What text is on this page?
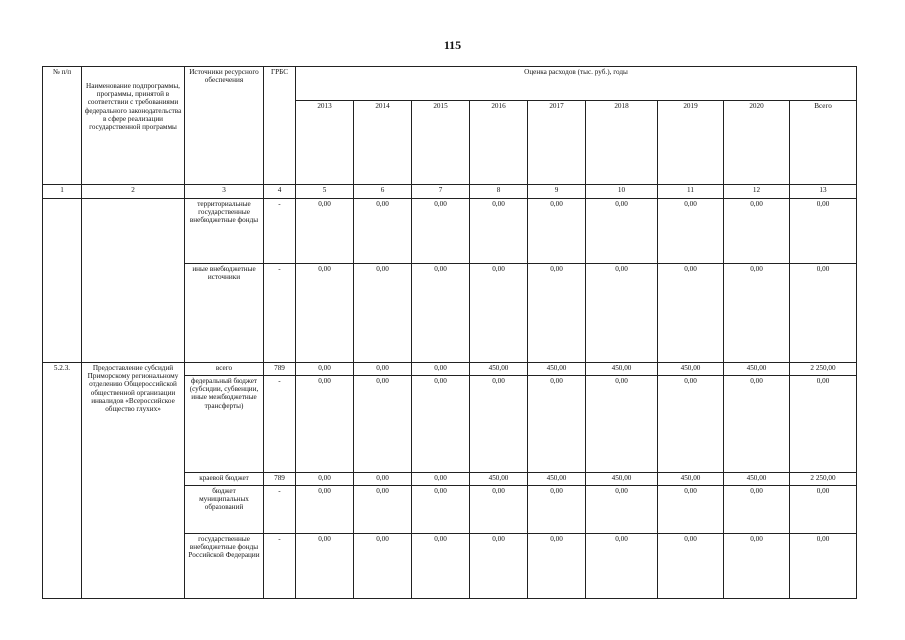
115
№ п/п	Наименование подпрограммы, программы, принятой в соответствии с требованиями федерального законодательства в сфере реализации государственной программы	Источники ресурсного обеспечения	ГРБС	Оценка расходов (тыс. руб.), годы								
				2013	2014	2015	2016	2017	2018	2019	2020	Всего
1	2	3	4	5	6	7	8	9	10	11	12	13
		территориальные государственные внебюджетные фонды	-	0,00	0,00	0,00	0,00	0,00	0,00	0,00	0,00	0,00
		иные внебюджетные источники	-	0,00	0,00	0,00	0,00	0,00	0,00	0,00	0,00	0,00
5.2.3.	Предоставление субсидий Приморскому региональному отделению Общероссийской общественной организации инвалидов «Всероссийское общество глухих»	всего	789	0,00	0,00	0,00	450,00	450,00	450,00	450,00	450,00	2 250,00
		федеральный бюджет (субсидии, субвенции, иные межбюджетные трансферты)	-	0,00	0,00	0,00	0,00	0,00	0,00	0,00	0,00	0,00
		краевой бюджет	789	0,00	0,00	0,00	450,00	450,00	450,00	450,00	450,00	2 250,00
		бюджет муниципальных образований	-	0,00	0,00	0,00	0,00	0,00	0,00	0,00	0,00	0,00
		государственные внебюджетные фонды Российской Федерации	-	0,00	0,00	0,00	0,00	0,00	0,00	0,00	0,00	0,00
